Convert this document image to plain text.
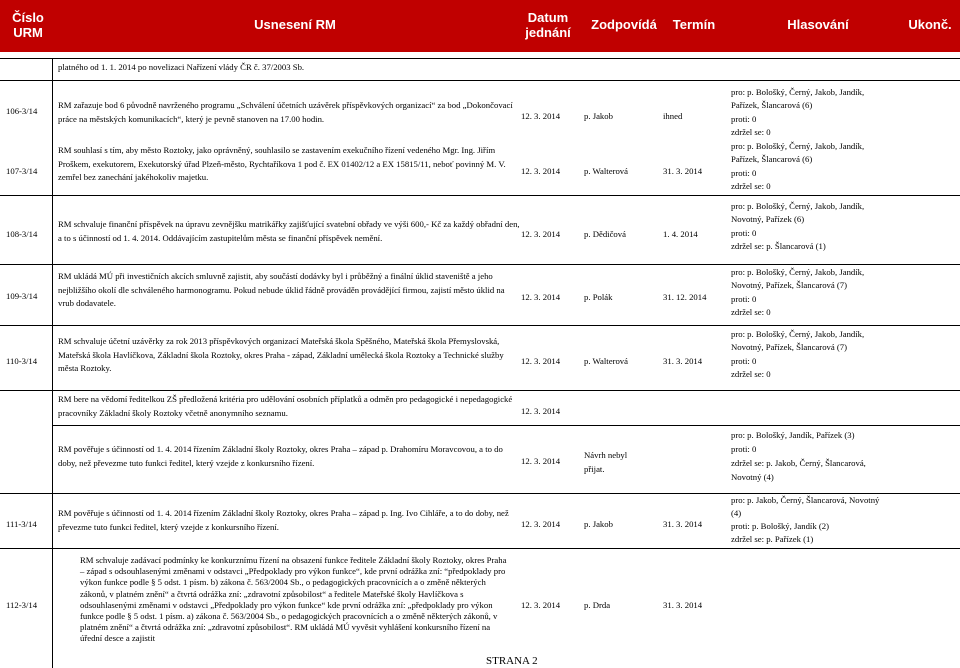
Číslo
URM
Usnesení RM	Datum
jednání
Zodpovídá	Termín	Hlasování	Ukonč.
platného od 1. 1. 2014 po novelizaci Nařízení vlády ČR č. 37/2003 Sb.
106-3/14
RM zařazuje bod 6 původně navrženého programu „Schválení účetních uzávěrek příspěvkových organizací“ za bod „Dokončovací práce na městských komunikacích“, který je pevně stanoven na 17.00 hodin.	12. 3. 2014	p. Jakob	ihned
pro: p. Bološký, Černý, Jakob, Jandík,
Pařízek, Šlancarová (6)
proti: 0
zdržel se: 0
107-3/14
RM souhlasí s tím, aby město Roztoky, jako oprávněný, souhlasilo se zastavením exekučního řízení vedeného Mgr. Ing. Jiřím Proškem, exekutorem, Exekutorský úřad Plzeň-město, Rychtaříkova 1 pod č. EX 01402/12 a EX 15815/11, neboť povinný M. V. zemřel bez zanechání jakéhokoliv majetku.
12. 3. 2014	p. Walterová	31. 3. 2014
pro: p. Bološký, Černý, Jakob, Jandík,
Pařízek, Šlancarová (6)
proti: 0
zdržel se: 0
108-3/14
RM schvaluje finanční příspěvek na úpravu zevnějšku matrikářky zajišťující svatební obřady ve výši 600,- Kč za každý obřadní den, a to s účinností od 1. 4. 2014. Oddávajícím zastupitelům města se finanční příspěvek nemění.	12. 3. 2014	p. Dědičová	1. 4. 2014
pro: p. Bološký, Černý, Jakob, Jandík,
Novotný, Pařízek (6)
proti: 0
zdržel se: p. Šlancarová (1)
109-3/14
RM ukládá MÚ při investičních akcích smluvně zajistit, aby součástí dodávky byl i průběžný a finální úklid staveniště a jeho nejbližšího okolí dle schváleného harmonogramu. Pokud nebude úklid řádně prováděn provádějící firmou, zajistí město úklid na vrub dodavatele.
12. 3. 2014	p. Polák	31. 12. 2014
pro: p. Bološký, Černý, Jakob, Jandík,
Novotný, Pařízek, Šlancarová (7)
proti: 0
zdržel se: 0
110-3/14
RM schvaluje účetní uzávěrky za rok 2013 příspěvkových organizací Mateřská škola Spěšného, Mateřská škola Přemyslovská, Mateřská škola Havlíčkova, Základní škola Roztoky, okres Praha - západ, Základní umělecká škola Roztoky a Technické služby města Roztoky.
12. 3. 2014	p. Walterová	31. 3. 2014
pro: p. Bološký, Černý, Jakob, Jandík,
Novotný, Pařízek, Šlancarová (7)
proti: 0
zdržel se: 0
RM bere na vědomí ředitelkou ZŠ předložená kritéria pro udělování osobních příplatků a odměn pro pedagogické i nepedagogické pracovníky Základní školy Roztoky včetně anonymního seznamu.	12. 3. 2014
RM pověřuje s účinností od 1. 4. 2014 řízením Základní školy Roztoky, okres Praha – západ p. Drahomíru Moravcovou, a to do doby, než převezme tuto funkci ředitel, který vzejde z konkursního řízení.	12. 3. 2014
Návrh nebyl
přijat.
pro: p. Bološký, Jandík, Pařízek (3)
proti: 0
zdržel se: p. Jakob, Černý, Šlancarová,
Novotný (4)
111-3/14
RM pověřuje s účinností od 1. 4. 2014 řízením Základní školy Roztoky, okres Praha – západ p. Ing. Ivo Cihláře, a to do doby, než převezme tuto funkci ředitel, který vzejde z konkursního řízení.	12. 3. 2014	p. Jakob	31. 3. 2014
pro: p. Jakob, Černý, Šlancarová, Novotný
(4)
proti: p. Bološký, Jandík (2)
zdržel se: p. Pařízek (1)
112-3/14
RM schvaluje zadávací podmínky ke konkurznímu řízení na obsazení funkce ředitele Základní školy Roztoky, okres Praha – západ s odsouhlasenými změnami v odstavci „Předpoklady pro výkon funkce“, kde první odrážka zní: “předpoklady pro výkon funkce podle § 5 odst. 1 písm. b) zákona č. 563/2004 Sb., o pedagogických pracovnících a o změně některých zákonů, v platném znění“ a čtvrtá odrážka zní: „zdravotní způsobilost“ a ředitele Mateřské školy Havlíčkova s odsouhlasenými změnami v odstavci „Předpoklady pro výkon funkce“ kde první odrážka zní: „předpoklady pro výkon funkce podle § 5 odst. 1 písm. a) zákona č. 563/2004 Sb., o pedagogických pracovnících a o změně některých zákonů, v platném znění“ a čtvrtá odrážka zní: „zdravotní způsobilost“. RM ukládá MÚ vyvěsit vyhlášení konkursního řízení na úřední desce a zajistit
12. 3. 2014	p. Drda	31. 3. 2014
STRANA 2
